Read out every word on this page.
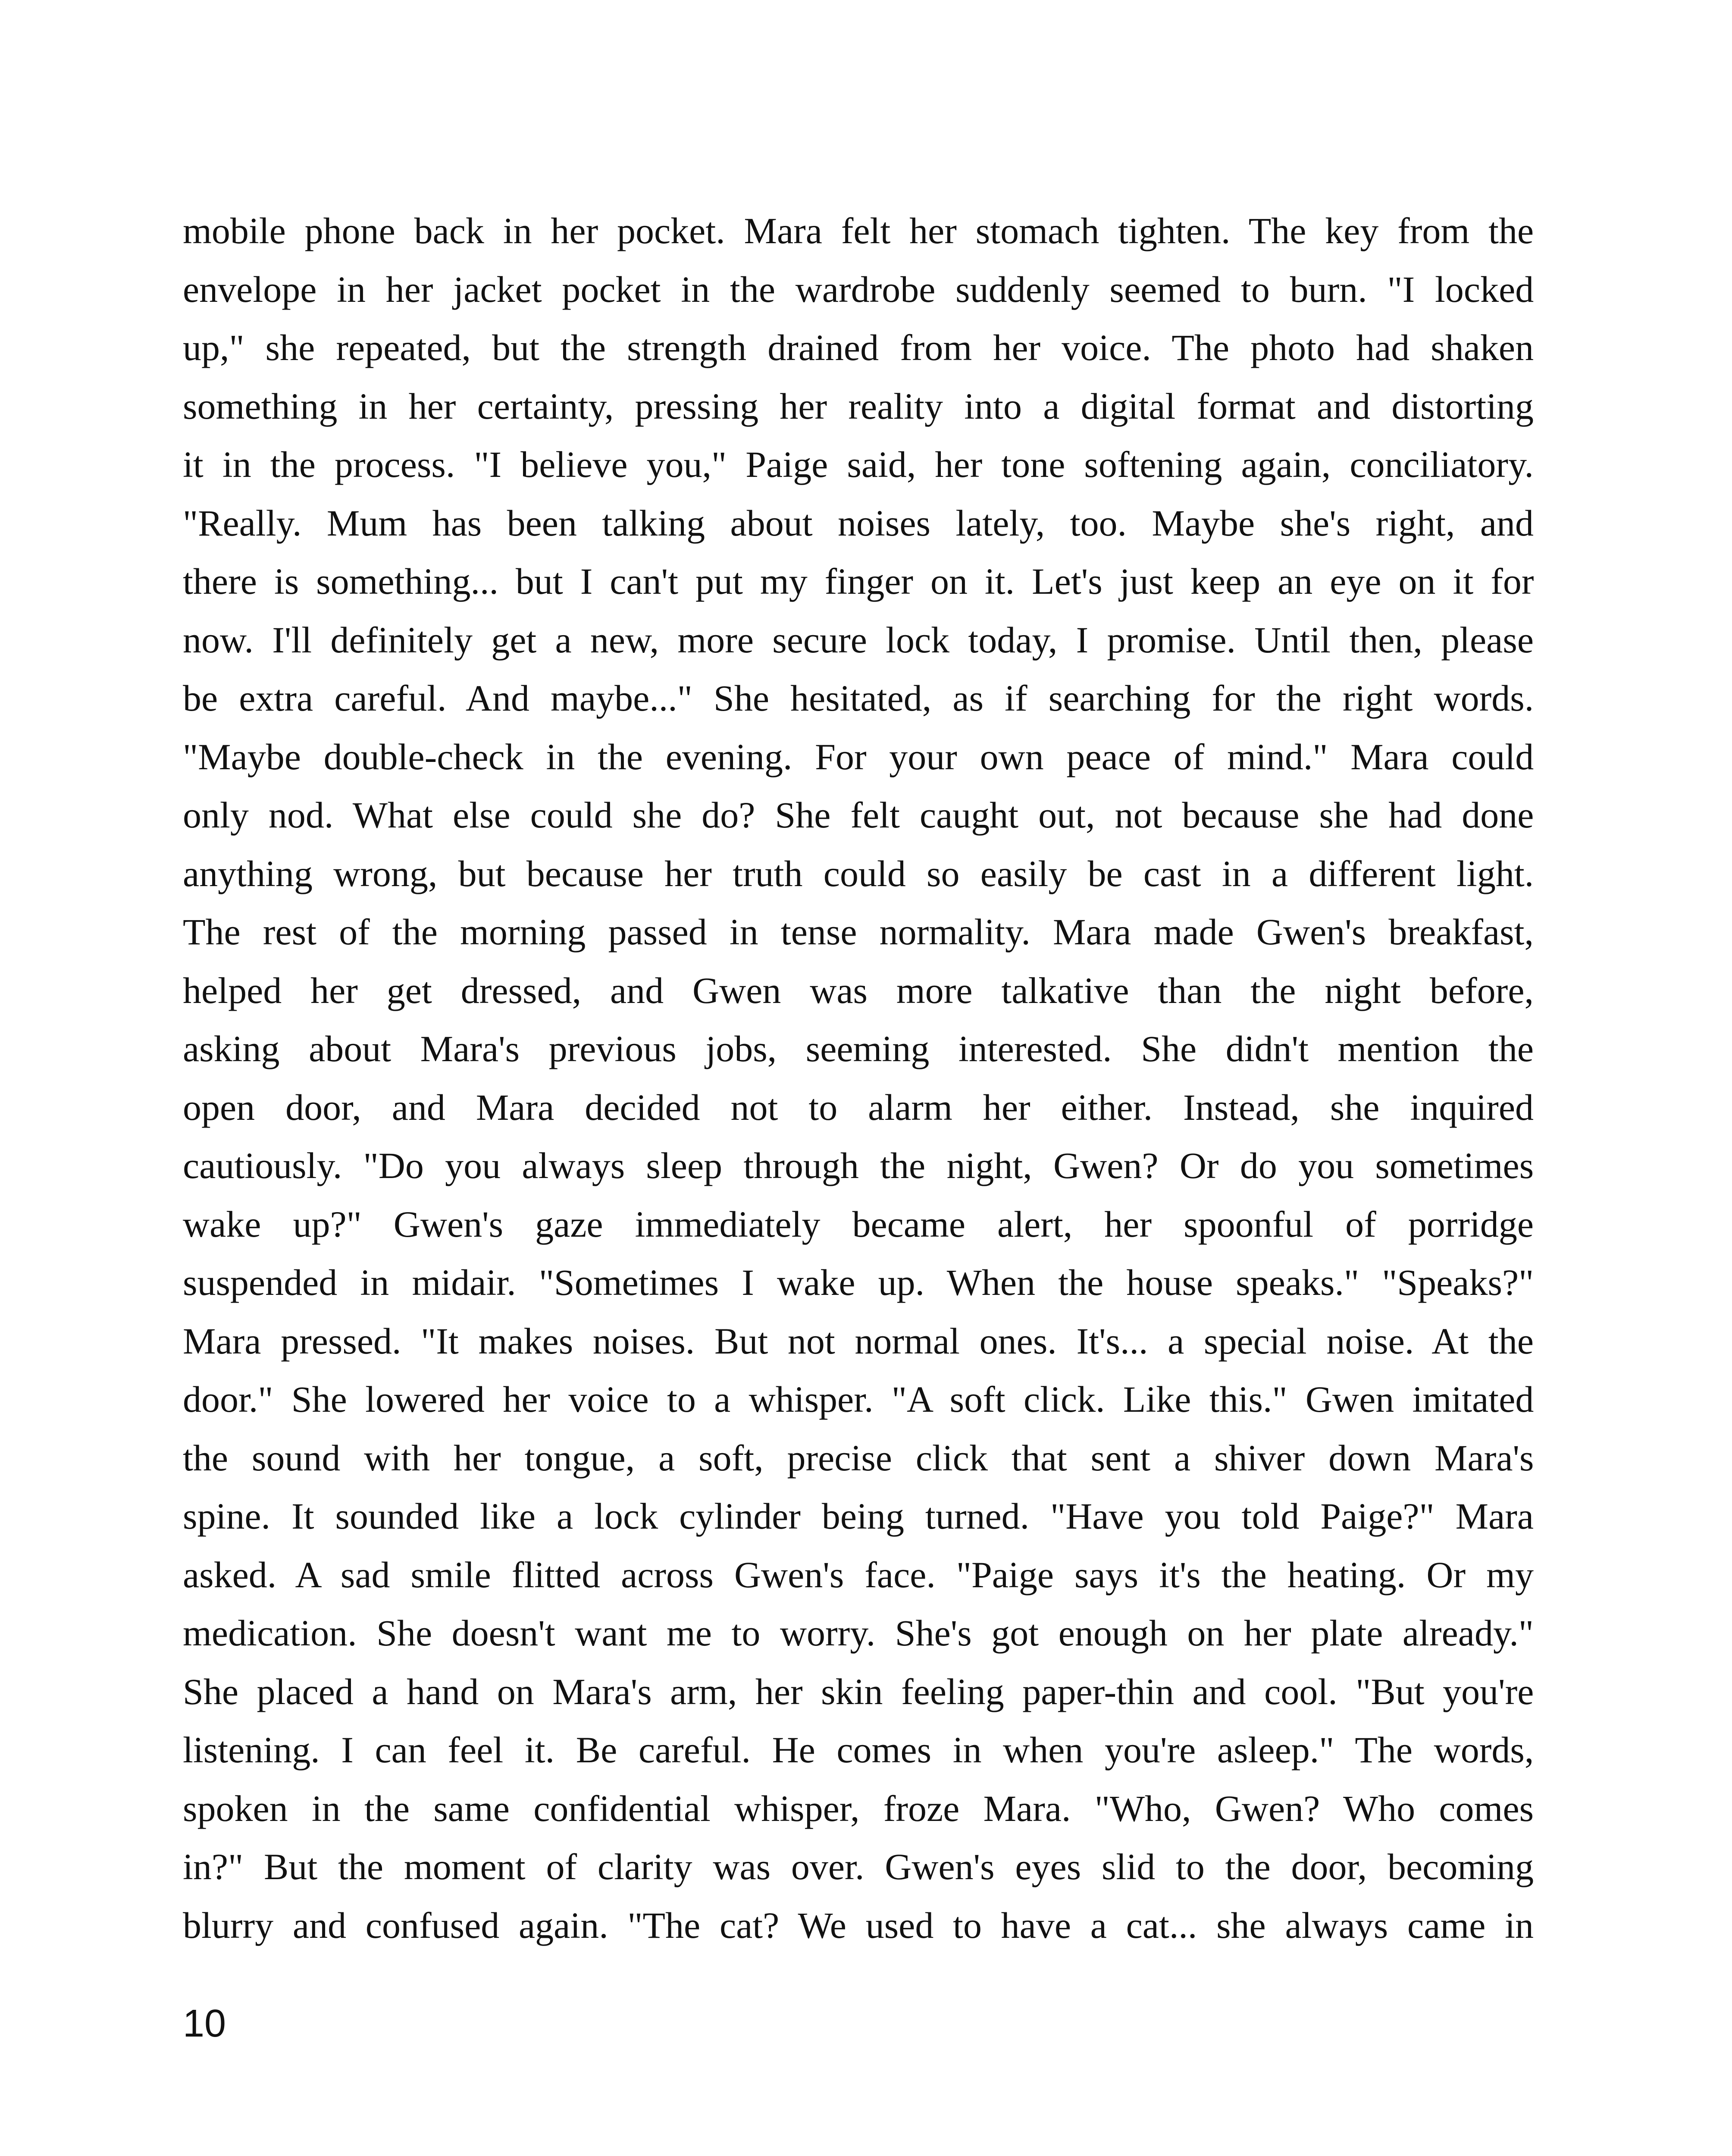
mobile phone back in her pocket. Mara felt her stomach tighten. The key from the
envelope in her jacket pocket in the wardrobe suddenly seemed to burn. "I locked
up," she repeated, but the strength drained from her voice. The photo had shaken
something in her certainty, pressing her reality into a digital format and distorting
it in the process. "I believe you," Paige said, her tone softening again, conciliatory.
"Really. Mum has been talking about noises lately, too. Maybe she's right, and
there is something... but I can't put my finger on it. Let's just keep an eye on it for
now. I'll definitely get a new, more secure lock today, I promise. Until then, please
be extra careful. And maybe..." She hesitated, as if searching for the right words.
"Maybe double-check in the evening. For your own peace of mind." Mara could
only nod. What else could she do? She felt caught out, not because she had done
anything wrong, but because her truth could so easily be cast in a different light.
The rest of the morning passed in tense normality. Mara made Gwen's breakfast,
helped her get dressed, and Gwen was more talkative than the night before,
asking about Mara's previous jobs, seeming interested. She didn't mention the
open door, and Mara decided not to alarm her either. Instead, she inquired
cautiously. "Do you always sleep through the night, Gwen? Or do you sometimes
wake up?" Gwen's gaze immediately became alert, her spoonful of porridge
suspended in midair. "Sometimes I wake up. When the house speaks." "Speaks?"
Mara pressed. "It makes noises. But not normal ones. It's... a special noise. At the
door." She lowered her voice to a whisper. "A soft click. Like this." Gwen imitated
the sound with her tongue, a soft, precise click that sent a shiver down Mara's
spine. It sounded like a lock cylinder being turned. "Have you told Paige?" Mara
asked. A sad smile flitted across Gwen's face. "Paige says it's the heating. Or my
medication. She doesn't want me to worry. She's got enough on her plate already."
She placed a hand on Mara's arm, her skin feeling paper-thin and cool. "But you're
listening. I can feel it. Be careful. He comes in when you're asleep." The words,
spoken in the same confidential whisper, froze Mara. "Who, Gwen? Who comes
in?" But the moment of clarity was over. Gwen's eyes slid to the door, becoming
blurry and confused again. "The cat? We used to have a cat... she always came in
10
